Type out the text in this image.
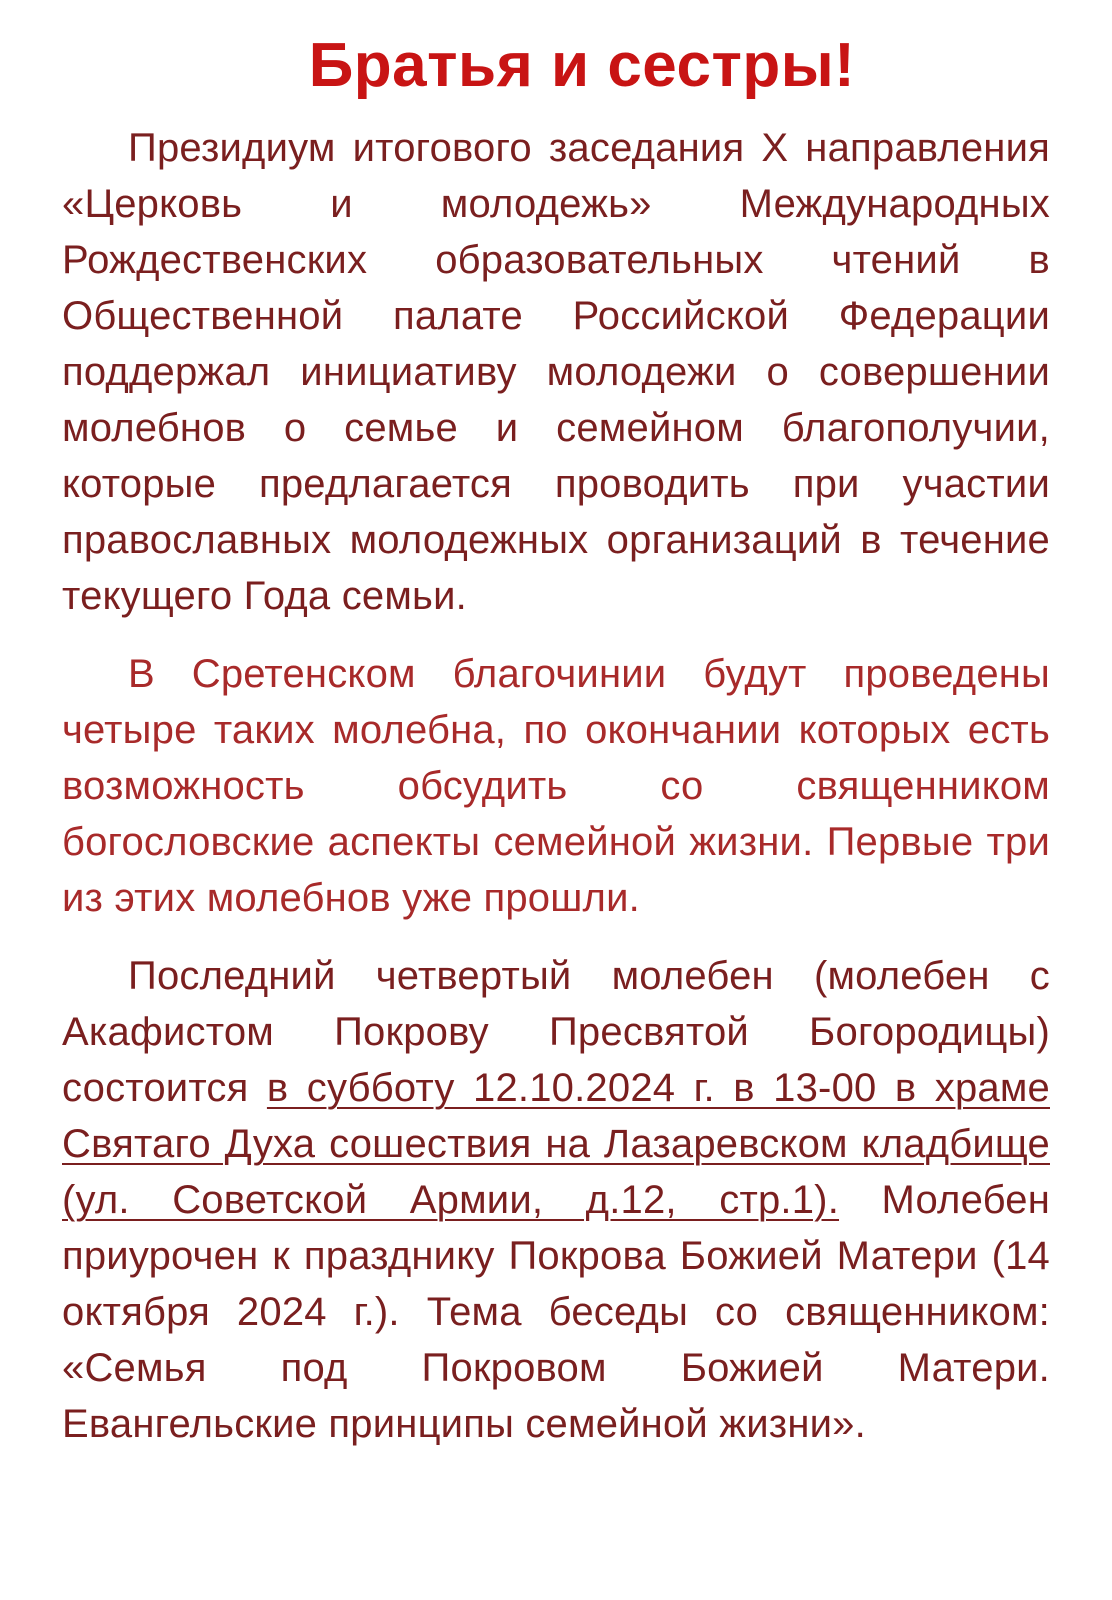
Братья и сестры!

Президиум итогового заседания X направления «Церковь и молодежь» Международных Рождественских образовательных чтений в Общественной палате Российской Федерации поддержал инициативу молодежи о совершении молебнов о семье и семейном благополучии, которые предлагается проводить при участии православных молодежных организаций в течение текущего Года семьи.

В Сретенском благочинии будут проведены четыре таких молебна, по окончании которых есть возможность обсудить со священником богословские аспекты семейной жизни. Первые три из этих молебнов уже прошли.

Последний четвертый молебен (молебен с Акафистом Покрову Пресвятой Богородицы) состоится в субботу 12.10.2024 г. в 13-00 в храме Святаго Духа сошествия на Лазаревском кладбище (ул. Советской Армии, д.12, стр.1). Молебен приурочен к празднику Покрова Божией Матери (14 октября 2024 г.). Тема беседы со священником: «Семья под Покровом Божией Матери. Евангельские принципы семейной жизни».
